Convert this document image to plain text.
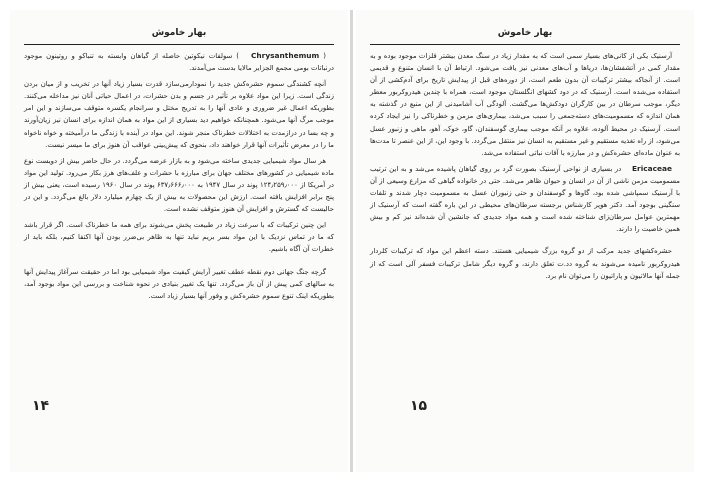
بهار خاموش

( Chrysanthemum ) سولفات نیکوتین حاصله از گیاهان وابسته به تنباکو و روتینون موجود درنباتات بومی مجمع الجزایر مالایا بدست می‌آمدند.

آنچه کشندگی سموم حشره‌کش جدید را نمودارمی‌سازد قدرت بسیار زیاد آنها در تخریب و از میان بردن زندگی است. زیرا این مواد علاوه بر تأثیر در جسم و بدن حشرات، در اعمال حیاتی آنان نیز مداخله می‌کنند. بطوریکه اعمال غیر ضروری و عادی آنها را به تدریج مختل و سرانجام یکسره متوقف می‌سازند و این امر موجب مرگ آنها می‌شود. همچنانکه خواهیم دید بسیاری از این مواد به همان اندازه برای انسان نیز زیان‌آورند و چه بسا در درازمدت به اختلالات خطرناک منجر شوند. این مواد در آینده با زندگی ما درآمیخته و خواه ناخواه ما را در معرض تأثیرات آنها قرار خواهند داد، بنحوی که پیش‌بینی عواقب آن هنوز برای ما میسر نیست.

هر سال مواد شیمیایی جدیدی ساخته می‌شود و به بازار عرضه می‌گردد. در حال حاضر بیش از دویست نوع ماده شیمیایی در کشورهای مختلف جهان برای مبارزه با حشرات و علف‌های هرز بکار می‌رود. تولید این مواد در آمریکا از ۱۲۴٫۲۵۹٫۰۰۰ پوند در سال ۱۹۴۷ به ۶۳۷٫۶۶۶٫۰۰۰ پوند در سال ۱۹۶۰ رسیده است، یعنی بیش از پنج برابر افزایش یافته است. ارزش این محصولات به بیش از یک چهارم میلیارد دلار بالغ می‌گردد. و این در حالیست که گسترش و افزایش آن هنوز متوقف نشده است.

این چنین ترکیبات که با سرعت زیاد در طبیعت پخش می‌شوند برای همه ما خطرناک است. اگر قرار باشد که ما در تماس نزدیک با این مواد بسر بریم نباید تنها به ظاهر بی‌ضرر بودن آنها اکتفا کنیم، بلکه باید از خطرات آن آگاه باشیم.

گرچه جنگ جهانی دوم نقطه عطف تغییر آرایش کیفیت مواد شیمیایی بود اما در حقیقت سرآغاز پیدایش آنها به سالهای کمی پیش از آن باز می‌گردد. تنها یک تغییر بنیادی در نحوه شناخت و بررسی این مواد بوجود آمد، بطوریکه اینک تنوع سموم حشره‌کش و وفور آنها بسیار زیاد است.

۱۴
بهار خاموش

آرسنیک یکی از کانی‌های بسیار سمی است که به مقدار زیاد در سنگ معدن بیشتر فلزات موجود بوده و به مقدار کمی در آتشفشان‌ها، دریاها و آب‌های معدنی نیز یافت می‌شود. ارتباط آن با انسان متنوع و قدیمی است. از آنجاکه بیشتر ترکیبات آن بدون طعم است، از دوره‌های قبل از پیدایش تاریخ برای آدم‌کشی از آن استفاده می‌شده است. آرسنیک که در دود کشهای انگلستان موجود است، همراه با چندین هیدروکربور معطر دیگر، موجب سرطان در بین کارگران دودکش‌ها می‌گشت. آلودگی آب آشامیدنی از این منبع در گذشته به همان اندازه که مسمومیت‌های دسته‌جمعی را سبب می‌شد، بیماری‌های مزمن و خطرناکی را نیز ایجاد کرده است. آرسنیک در محیط آلوده، علاوه بر آنکه موجب بیماری گوسفندان، گاو، خوک، آهو، ماهی و زنبور عسل می‌شود، از راه تغذیه مستقیم و غیر مستقیم به انسان نیز منتقل می‌گردد. با وجود این، از این عنصر تا مدت‌ها به عنوان ماده‌ای حشره‌کش و در مبارزه با آفات نباتی استفاده می‌شد.

Ericaceae در بسیاری از نواحی آرسنیک بصورت گرد بر روی گیاهان پاشیده می‌شد و به این ترتیب مسمومیت مزمن ناشی از آن در انسان و حیوان ظاهر می‌شد. حتی در خانواده گیاهی که مزارع وسیعی از آن با آرسنیک سمپاشی شده بود، گاوها و گوسفندان و حتی زنبوران عسل به مسمومیت دچار شدند و تلفات سنگینی بوجود آمد. دکتر هوپر کارشناس برجسته سرطان‌های محیطی در این باره گفته است که آرسنیک از مهمترین عوامل سرطان‌زای شناخته شده است و همه مواد جدیدی که جانشین آن شده‌اند نیز کم و بیش همین خاصیت را دارند.

حشره‌کشهای جدید مرکب از دو گروه بزرگ شیمیایی هستند. دسته اعظم این مواد که ترکیبات کلردار هیدروکربور نامیده می‌شوند به گروه دد.ت تعلق دارند، و گروه دیگر شامل ترکیبات فسفر آلی است که از جمله آنها مالاتیون و پاراتیون را می‌توان نام برد.

۱۵
